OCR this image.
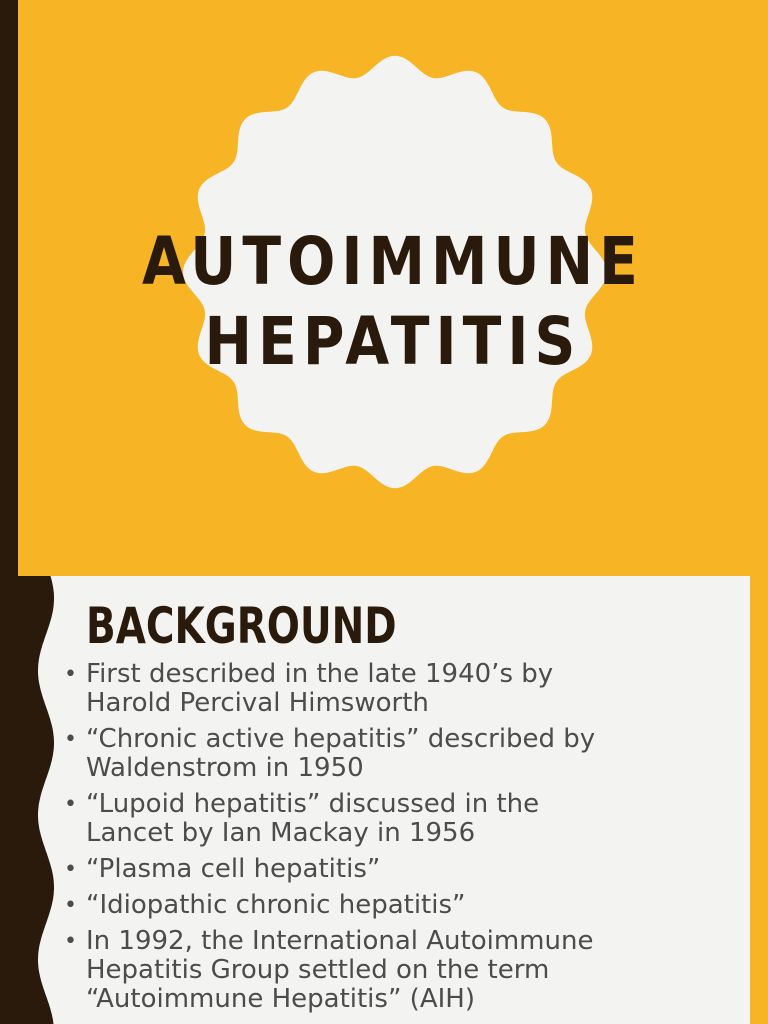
AUTOIMMUNE
HEPATITIS
BACKGROUND
• First described in the late 1940’s by
Harold Percival Himsworth
• “Chronic active hepatitis” described by
Waldenstrom in 1950
• “Lupoid hepatitis” discussed in the
Lancet by Ian Mackay in 1956
• “Plasma cell hepatitis”
• “Idiopathic chronic hepatitis”
• In 1992, the International Autoimmune
Hepatitis Group settled on the term
“Autoimmune Hepatitis” (AIH)
